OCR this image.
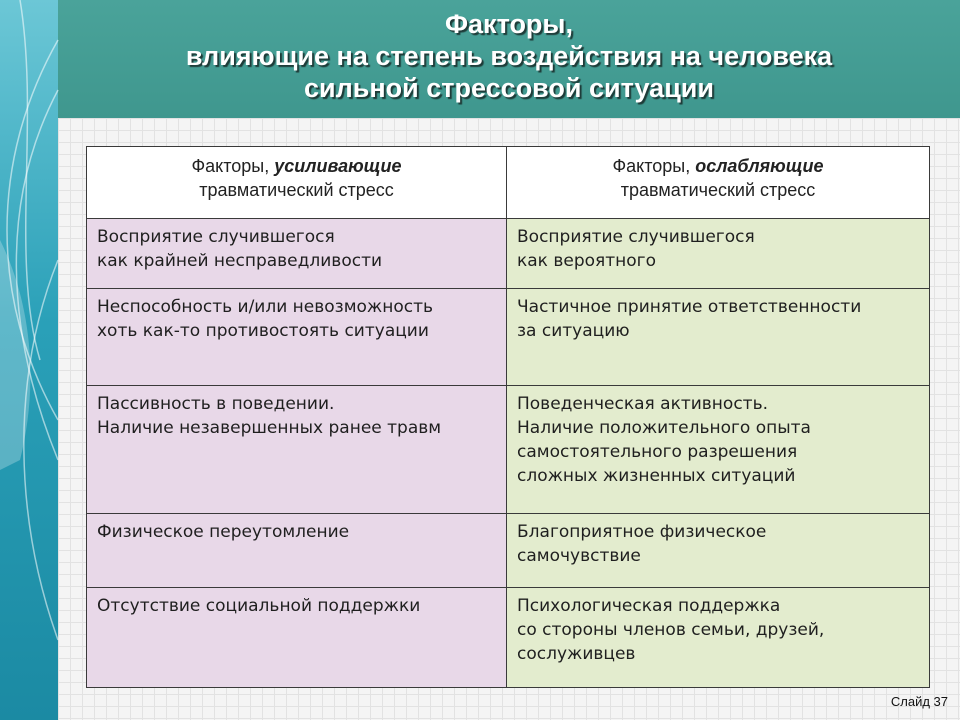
Факторы,
влияющие на степень воздействия на человека
сильной стрессовой ситуации
Факторы, усиливающие
травматический стресс	Факторы, ослабляющие
травматический стресс

Восприятие случившегося
как крайней несправедливости	Восприятие случившегося
как вероятного

Неспособность и/или невозможность
хоть как-то противостоять ситуации	Частичное принятие ответственности
за ситуацию

Пассивность в поведении.
Наличие незавершенных ранее травм	Поведенческая активность.
Наличие положительного опыта
самостоятельного разрешения
сложных жизненных ситуаций

Физическое переутомление	Благоприятное физическое
самочувствие

Отсутствие социальной поддержки	Психологическая поддержка
со стороны членов семьи, друзей,
сослуживцев
Слайд 37
